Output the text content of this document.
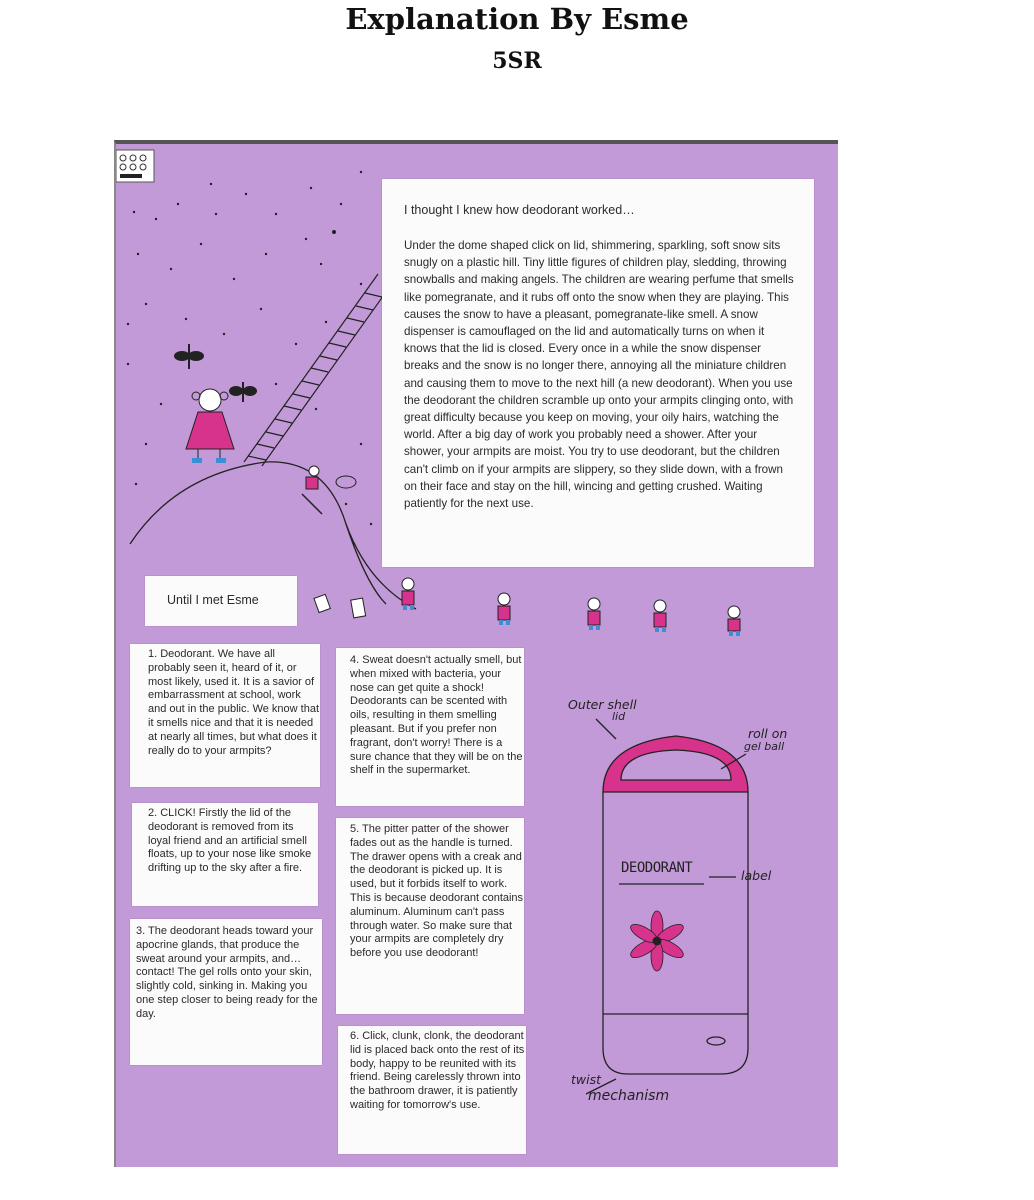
Explanation By Esme
5SR
I thought I knew how deodorant worked…

Under the dome shaped click on lid, shimmering, sparkling, soft snow sits snugly on a plastic hill. Tiny little figures of children play, sledding, throwing snowballs and making angels. The children are wearing perfume that smells like pomegranate, and it rubs off onto the snow when they are playing. This causes the snow to have a pleasant, pomegranate-like smell. A snow dispenser is camouflaged on the lid and automatically turns on when it knows that the lid is closed. Every once in a while the snow dispenser breaks and the snow is no longer there, annoying all the miniature children and causing them to move to the next hill (a new deodorant). When you use the deodorant the children scramble up onto your armpits clinging onto, with great difficulty because you keep on moving, your oily hairs, watching the world. After a big day of work you probably need a shower. After your shower, your armpits are moist. You try to use deodorant, but the children can't climb on if your armpits are slippery, so they slide down, with a frown on their face and stay on the hill, wincing and getting crushed. Waiting patiently for the next use.

Until I met Esme

1. Deodorant. We have all probably seen it, heard of it, or most likely, used it. It is a savior of embarrassment at school, work and out in the public. We know that it smells nice and that it is needed at nearly all times, but what does it really do to your armpits?

2. CLICK! Firstly the lid of the deodorant is removed from its loyal friend and an artificial smell floats, up to your nose like smoke drifting up to the sky after a fire.

3. The deodorant heads toward your apocrine glands, that produce the sweat around your armpits, and… contact! The gel rolls onto your skin, slightly cold, sinking in. Making you one step closer to being ready for the day.

4. Sweat doesn't actually smell, but when mixed with bacteria, your nose can get quite a shock! Deodorants can be scented with oils, resulting in them smelling pleasant. But if you prefer non fragrant, don't worry! There is a sure chance that they will be on the shelf in the supermarket.

5. The pitter patter of the shower fades out as the handle is turned. The drawer opens with a creak and the deodorant is picked up. It is used, but it forbids itself to work. This is because deodorant contains aluminum. Aluminum can't pass through water. So make sure that your armpits are completely dry before you use deodorant!

6. Click, clunk, clonk, the deodorant lid is placed back onto the rest of its body, happy to be reunited with its friend. Being carelessly thrown into the bathroom drawer, it is patiently waiting for tomorrow's use.

Outer shell
lid
roll on
gel ball
DEODORANT	label
twist
mechanism
